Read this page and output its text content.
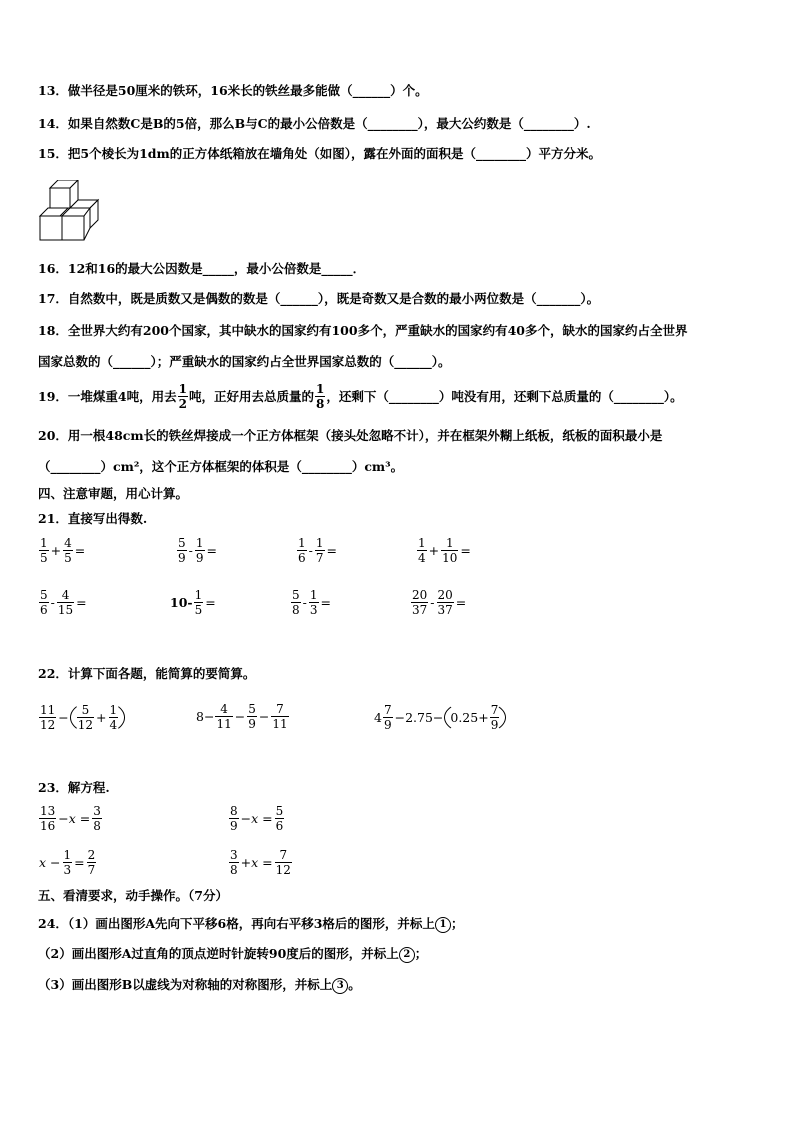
13．做半径是50厘米的铁环，16米长的铁丝最多能做（______）个。
14．如果自然数C是B的5倍，那么B与C的最小公倍数是（________），最大公约数是（________）.
15．把5个棱长为1dm的正方体纸箱放在墙角处（如图），露在外面的面积是（________）平方分米。
16．12和16的最大公因数是_____，最小公倍数是_____．
17．自然数中，既是质数又是偶数的数是（______），既是奇数又是合数的最小两位数是（_______）。
18．全世界大约有200个国家，其中缺水的国家约有100多个，严重缺水的国家约有40多个，缺水的国家约占全世界
国家总数的（______）；严重缺水的国家约占全世界国家总数的（______）。
19．一堆煤重4吨，用去 $\frac{1}{2}$ 吨，正好用去总质量的 $\frac{1}{8}$ ，还剩下（________）吨没有用，还剩下总质量的（________）。
20．用一根48cm长的铁丝焊接成一个正方体框架（接头处忽略不计），并在框架外糊上纸板，纸板的面积最小是
（________）cm²，这个正方体框架的体积是（________）cm³。
四、注意审题，用心计算。
21．直接写出得数.
$\frac{1}{5} + \frac{4}{5}$ =	$\frac{5}{9} - \frac{1}{9}$ =	$\frac{1}{6} - \frac{1}{7}$ =	$\frac{1}{4} + \frac{1}{10}$ =
$\frac{5}{6} - \frac{4}{15}$ =	$10- \frac{1}{5}$ =	$\frac{5}{8} - \frac{1}{3}$ =	$\frac{20}{37} - \frac{20}{37}$ =
22．计算下面各题，能简算的要简算。
$\frac{11}{12} - \frac{5}{12} + \frac{1}{4}$	$8- \frac{4}{11} - \frac{5}{9} - \frac{7}{11}$	$4 \frac{7}{9} -2.75- 0.25+ \frac{7}{9}$
23．解方程.
$\frac{13}{16} -x = \frac{3}{8}$	$\frac{8}{9} -x = \frac{5}{6}$
$x - \frac{1}{3} = \frac{2}{7}$	$\frac{3}{8} +x = \frac{7}{12}$
五、看清要求，动手操作。（7分）
24．（1）画出图形A先向下平移6格，再向右平移3格后的图形，并标上 1 ；
（2）画出图形A过直角的顶点逆时针旋转90度后的图形，并标上 2 ；
（3）画出图形B以虚线为对称轴的对称图形，并标上 3 。
